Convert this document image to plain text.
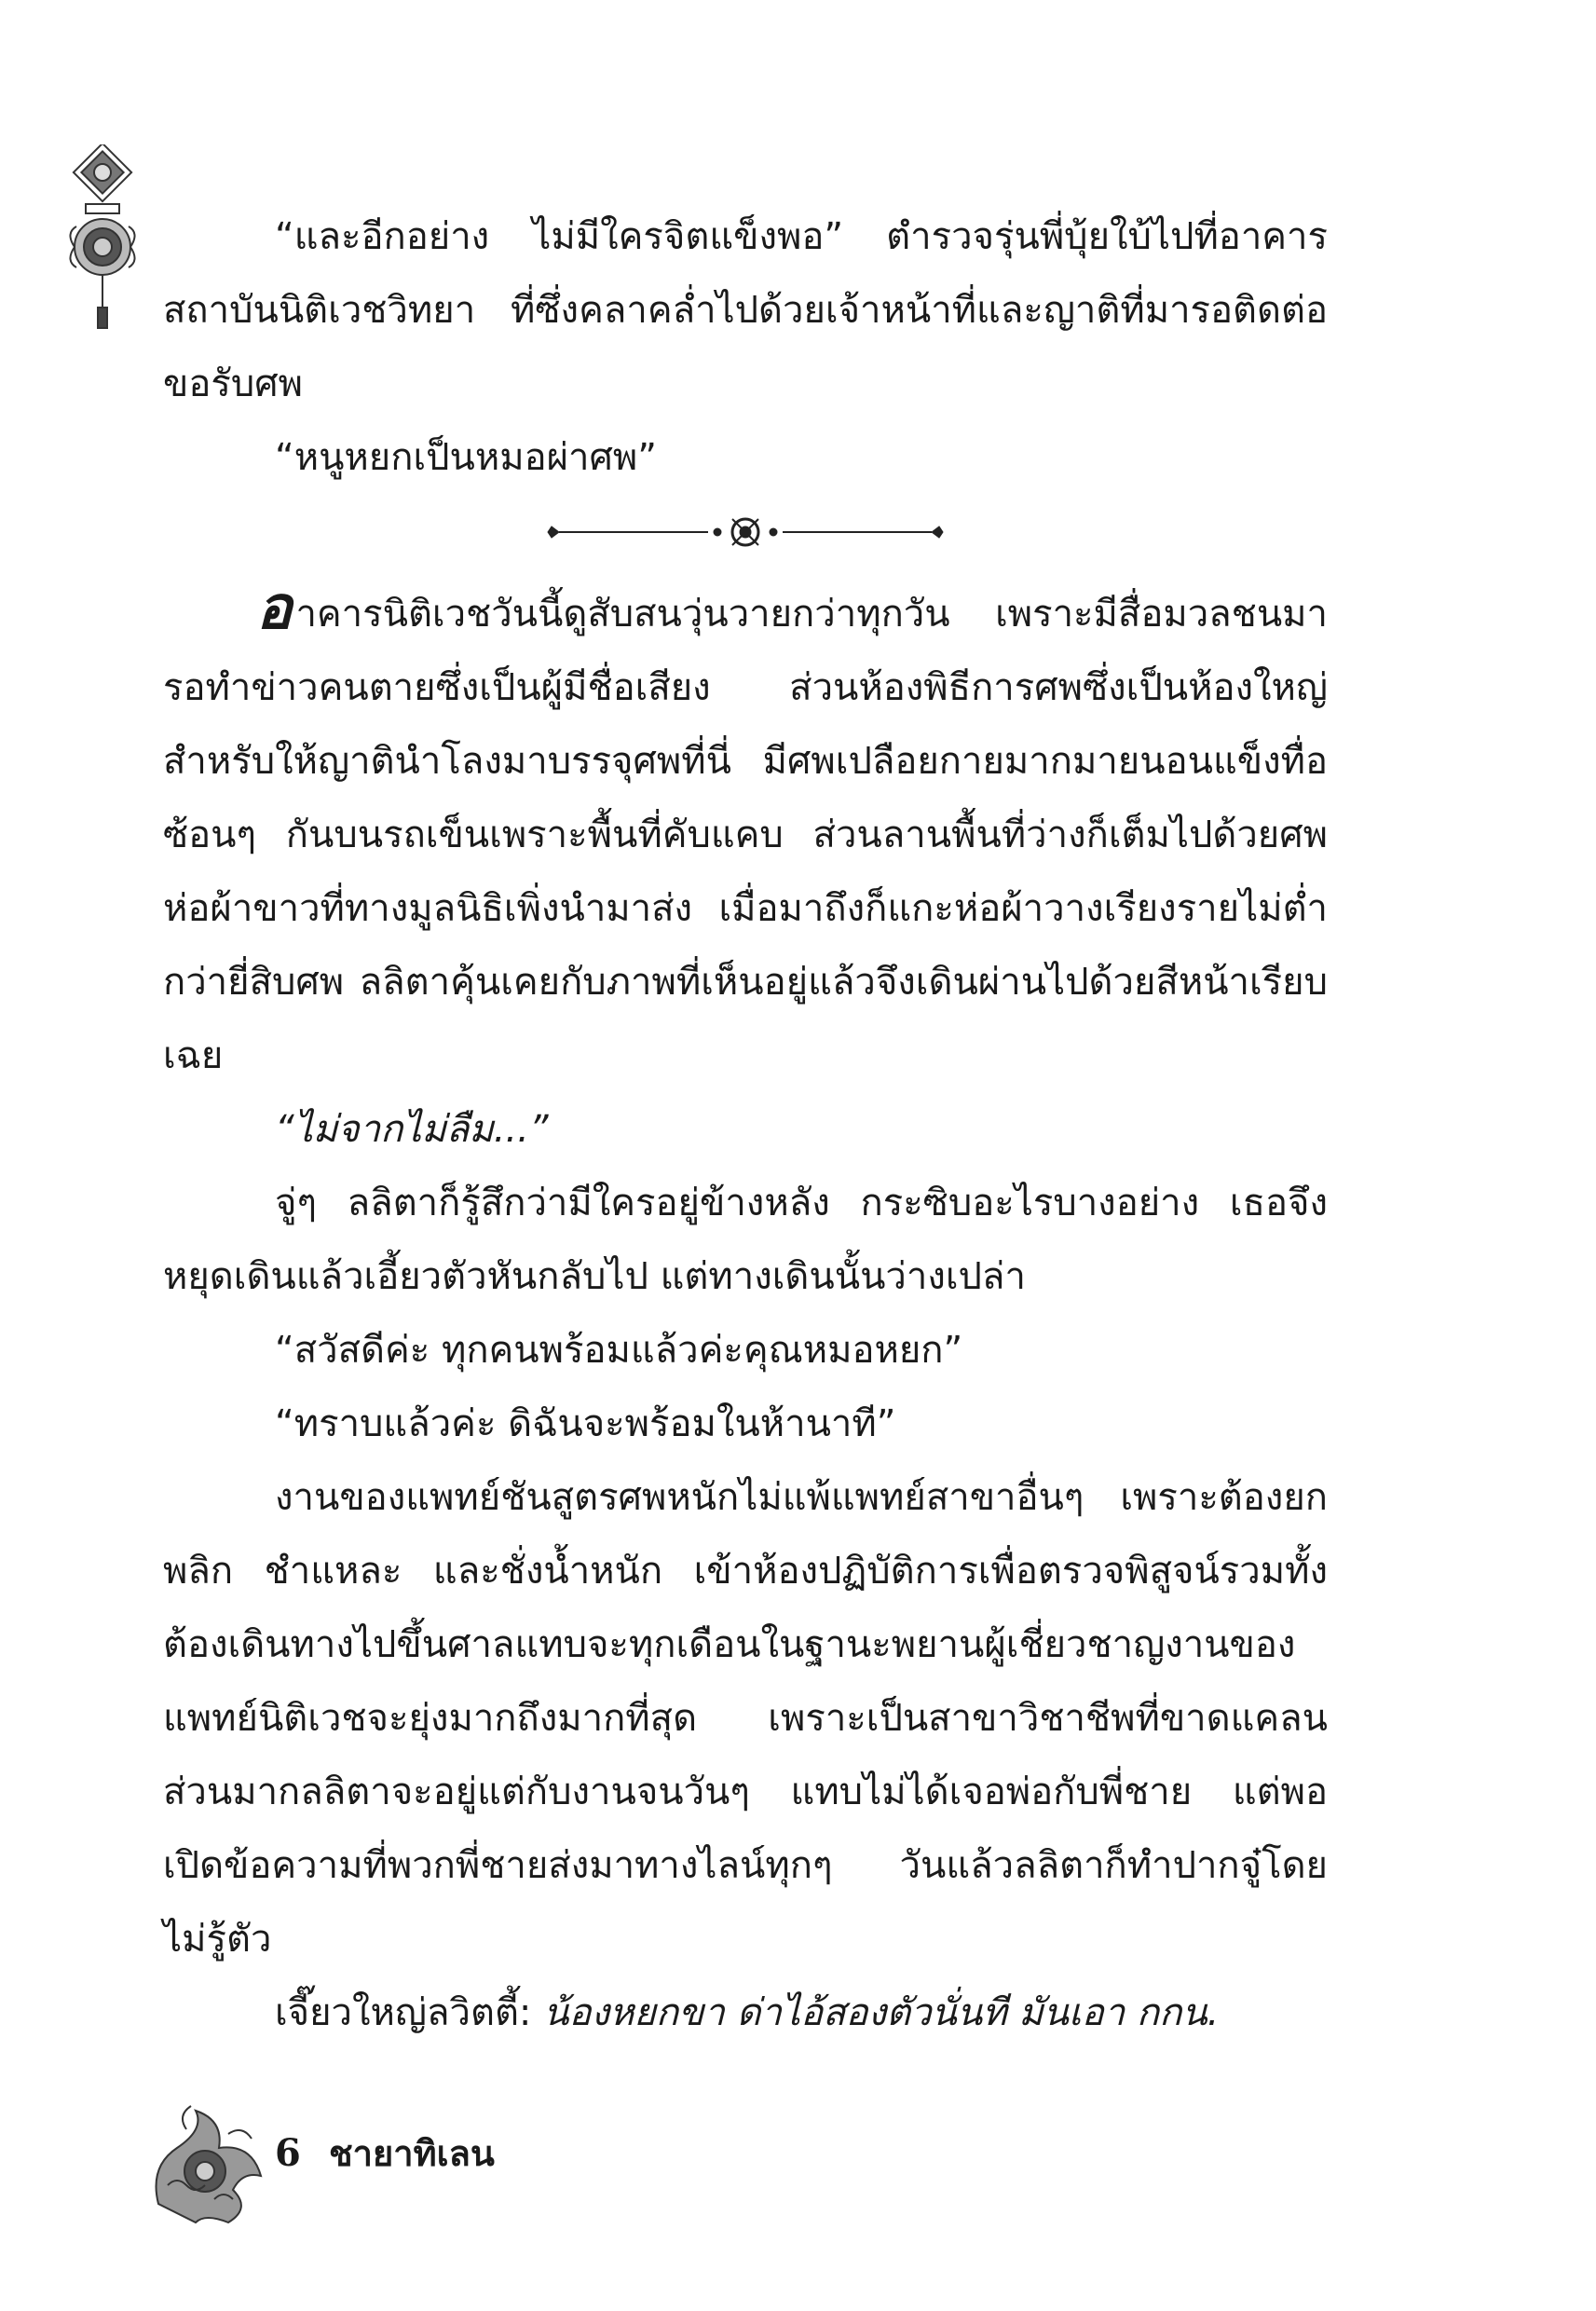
“และอีกอย่าง ไม่มีใครจิตแข็งพอ” ตำรวจรุ่นพี่บุ้ยใบ้ไปที่อาคารสถาบันนิติเวชวิทยา ที่ซึ่งคลาคล่ำไปด้วยเจ้าหน้าที่และญาติที่มารอติดต่อขอรับศพ

“หนูหยกเป็นหมอผ่าศพ”

อาคารนิติเวชวันนี้ดูสับสนวุ่นวายกว่าทุกวัน เพราะมีสื่อมวลชนมารอทำข่าวคนตายซึ่งเป็นผู้มีชื่อเสียง ส่วนห้องพิธีการศพซึ่งเป็นห้องใหญ่สำหรับให้ญาตินำโลงมาบรรจุศพที่นี่ มีศพเปลือยกายมากมายนอนแข็งทื่อซ้อนๆ กันบนรถเข็นเพราะพื้นที่คับแคบ ส่วนลานพื้นที่ว่างก็เต็มไปด้วยศพห่อผ้าขาวที่ทางมูลนิธิเพิ่งนำมาส่ง เมื่อมาถึงก็แกะห่อผ้าวางเรียงรายไม่ต่ำกว่ายี่สิบศพ ลลิตาคุ้นเคยกับภาพที่เห็นอยู่แล้วจึงเดินผ่านไปด้วยสีหน้าเรียบเฉย

“ไม่จากไม่ลืม...”

จู่ๆ ลลิตาก็รู้สึกว่ามีใครอยู่ข้างหลัง กระซิบอะไรบางอย่าง เธอจึงหยุดเดินแล้วเอี้ยวตัวหันกลับไป แต่ทางเดินนั้นว่างเปล่า

“สวัสดีค่ะ ทุกคนพร้อมแล้วค่ะคุณหมอหยก”

“ทราบแล้วค่ะ ดิฉันจะพร้อมในห้านาที”

งานของแพทย์ชันสูตรศพหนักไม่แพ้แพทย์สาขาอื่นๆ เพราะต้องยก พลิก ชำแหละ และชั่งน้ำหนัก เข้าห้องปฏิบัติการเพื่อตรวจพิสูจน์รวมทั้งต้องเดินทางไปขึ้นศาลแทบจะทุกเดือนในฐานะพยานผู้เชี่ยวชาญงานของแพทย์นิติเวชจะยุ่งมากถึงมากที่สุด เพราะเป็นสาขาวิชาชีพที่ขาดแคลน ส่วนมากลลิตาจะอยู่แต่กับงานจนวันๆ แทบไม่ได้เจอพ่อกับพี่ชาย แต่พอเปิดข้อความที่พวกพี่ชายส่งมาทางไลน์ทุกๆ วันแล้วลลิตาก็ทำปากจู๋โดยไม่รู้ตัว

เจี๊ยวใหญ่ลวิตตี้: น้องหยกขา ด่าไอ้สองตัวนั่นที มันเอา กกน.

6 ชายาทิเลน
